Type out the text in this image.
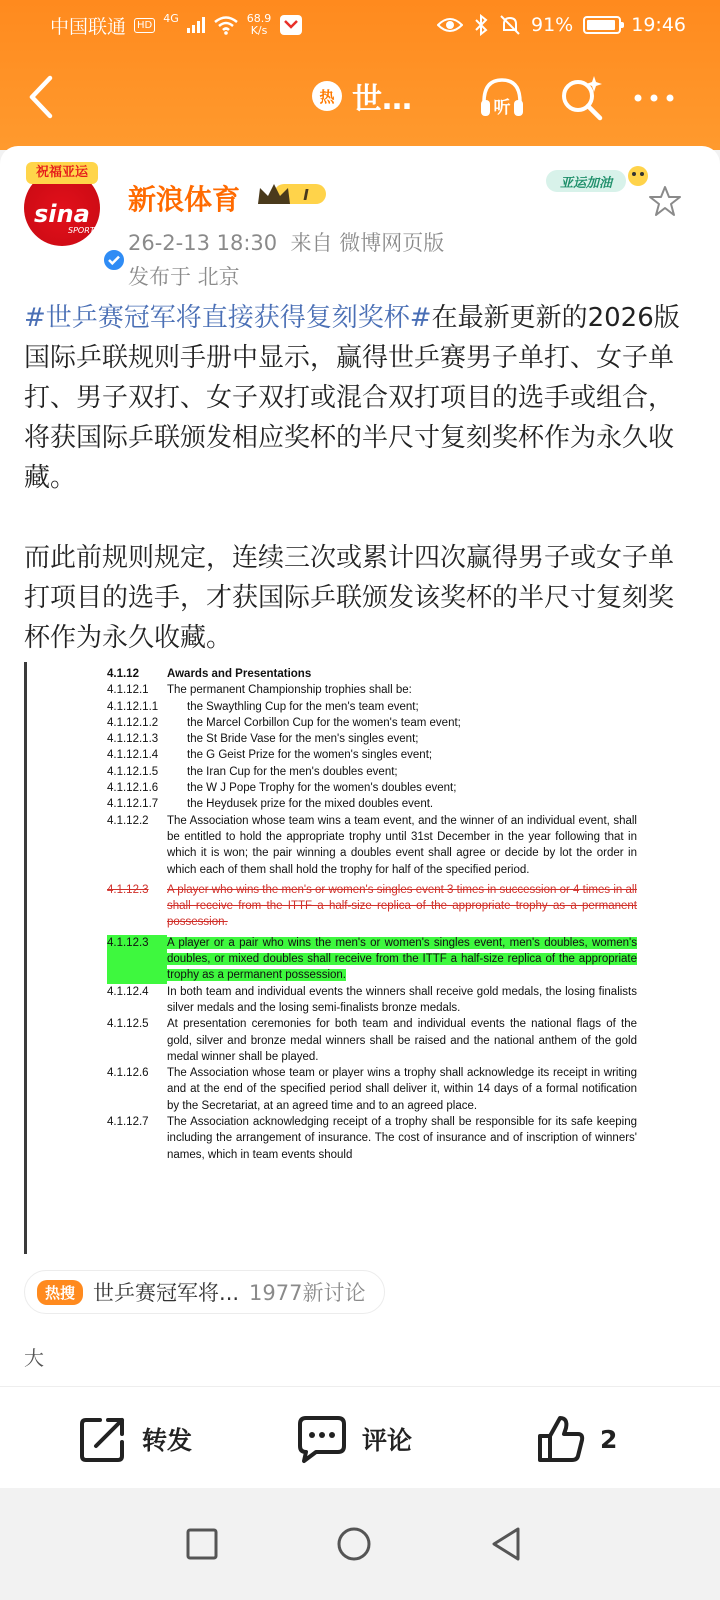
中国联通	HD
4G	68.9
K/s	91%	19:46
热 世…	听
祝福亚运
sina
SPORT
新浪体育	I
26-2-13 18:30 来自 微博网页版
发布于 北京
亚运加油

#世乒赛冠军将直接获得复刻奖杯#在最新更新的2026版国际乒联规则手册中显示，赢得世乒赛男子单打、女子单打、男子双打、女子双打或混合双打项目的选手或组合，将获国际乒联颁发相应奖杯的半尺寸复刻奖杯作为永久收藏。

而此前规则规定，连续三次或累计四次赢得男子或女子单打项目的选手，才获国际乒联颁发该奖杯的半尺寸复刻奖杯作为永久收藏。

4.1.12	Awards and Presentations
4.1.12.1	The permanent Championship trophies shall be:
4.1.12.1.1	the Swaythling Cup for the men's team event;
4.1.12.1.2	the Marcel Corbillon Cup for the women's team event;
4.1.12.1.3	the St Bride Vase for the men's singles event;
4.1.12.1.4	the G Geist Prize for the women's singles event;
4.1.12.1.5	the Iran Cup for the men's doubles event;
4.1.12.1.6	the W J Pope Trophy for the women's doubles event;
4.1.12.1.7	the Heydusek prize for the mixed doubles event.
4.1.12.2	The Association whose team wins a team event, and the winner of an individual event, shall be entitled to hold the appropriate trophy until 31st December in the year following that in which it is won; the pair winning a doubles event shall agree or decide by lot the order in which each of them shall hold the trophy for half of the specified period.
4.1.12.3	A player who wins the men's or women's singles event 3 times in succession or 4 times in all shall receive from the ITTF a half-size replica of the appropriate trophy as a permanent possession.
4.1.12.3	A player or a pair who wins the men's or women's singles event, men's doubles, women's doubles, or mixed doubles shall receive from the ITTF a half-size replica of the appropriate trophy as a permanent possession.
4.1.12.4	In both team and individual events the winners shall receive gold medals, the losing finalists silver medals and the losing semi-finalists bronze medals.
4.1.12.5	At presentation ceremonies for both team and individual events the national flags of the gold, silver and bronze medal winners shall be raised and the national anthem of the gold medal winner shall be played.
4.1.12.6	The Association whose team or player wins a trophy shall acknowledge its receipt in writing and at the end of the specified period shall deliver it, within 14 days of a formal notification by the Secretariat, at an agreed time and to an agreed place.
4.1.12.7	The Association acknowledging receipt of a trophy shall be responsible for its safe keeping including the arrangement of insurance. The cost of insurance and of inscription of winners' names, which in team events should
热搜 世乒赛冠军将... 1977新讨论
大
转发	评论	2
